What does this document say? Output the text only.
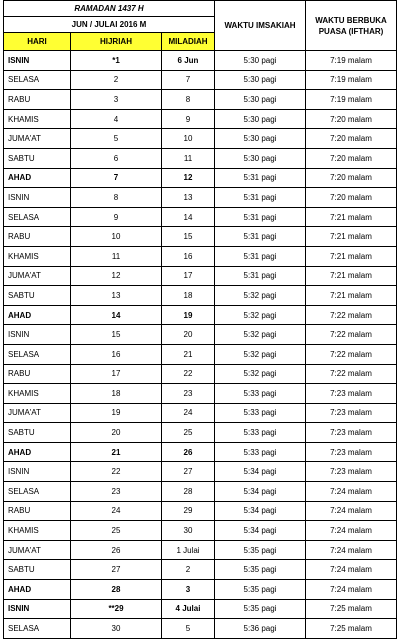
RAMADAN 1437 H			WAKTU IMSAKIAH	WAKTU BERBUKA PUASA (IFTHAR)
JUN / JULAI 2016 M				
HARI	HIJRIAH	MILADIAH		
ISNIN	*1	6 Jun	5:30 pagi	7:19 malam
SELASA	2	7	5:30 pagi	7:19 malam
RABU	3	8	5:30 pagi	7:19 malam
KHAMIS	4	9	5:30 pagi	7:20 malam
JUMA'AT	5	10	5:30 pagi	7:20 malam
SABTU	6	11	5:30 pagi	7:20 malam
AHAD	7	12	5:31 pagi	7:20 malam
ISNIN	8	13	5:31 pagi	7:20 malam
SELASA	9	14	5:31 pagi	7:21 malam
RABU	10	15	5:31 pagi	7:21 malam
KHAMIS	11	16	5:31 pagi	7:21 malam
JUMA'AT	12	17	5:31 pagi	7:21 malam
SABTU	13	18	5:32 pagi	7:21 malam
AHAD	14	19	5:32 pagi	7:22 malam
ISNIN	15	20	5:32 pagi	7:22 malam
SELASA	16	21	5:32 pagi	7:22 malam
RABU	17	22	5:32 pagi	7:22 malam
KHAMIS	18	23	5:33 pagi	7:23 malam
JUMA'AT	19	24	5:33 pagi	7:23 malam
SABTU	20	25	5:33 pagi	7:23 malam
AHAD	21	26	5:33 pagi	7:23 malam
ISNIN	22	27	5:34 pagi	7:23 malam
SELASA	23	28	5:34 pagi	7:24 malam
RABU	24	29	5:34 pagi	7:24 malam
KHAMIS	25	30	5:34 pagi	7:24 malam
JUMA'AT	26	1 Julai	5:35 pagi	7:24 malam
SABTU	27	2	5:35 pagi	7:24 malam
AHAD	28	3	5:35 pagi	7:24 malam
ISNIN	**29	4 Julai	5:35 pagi	7:25 malam
SELASA	30	5	5:36 pagi	7:25 malam
